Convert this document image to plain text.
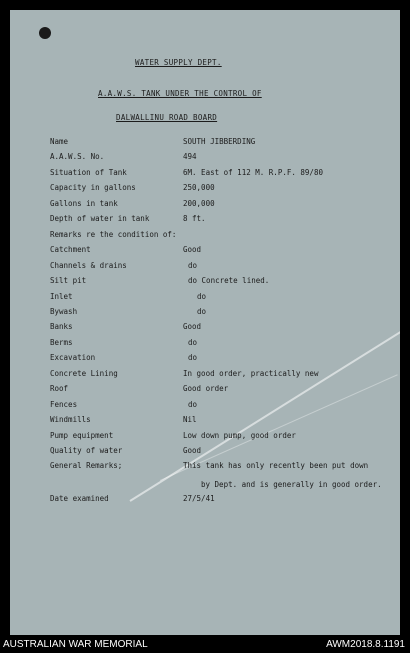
WATER SUPPLY DEPT.
A.A.W.S. TANK UNDER THE CONTROL OF
DALWALLINU ROAD BOARD
Name	SOUTH JIBBERDING
A.A.W.S. No.	494
Situation of Tank	6M. East of 112 M. R.P.F. 89/80
Capacity in gallons	250,000
Gallons in tank	200,000
Depth of water in tank	8 ft.
Remarks re the condition of:
Catchment	Good
Channels & drains	do
Silt pit	do Concrete lined.
Inlet	do
Bywash	do
Banks	Good
Berms	do
Excavation	do
Concrete Lining	In good order, practically new
Roof	Good order
Fences	do
Windmills	Nil
Pump equipment	Low down pump, good order
Quality of water	Good
General Remarks;	This tank has only recently been put down
by Dept. and is generally in good order.
Date examined	27/5/41
AUSTRALIAN WAR MEMORIAL	AWM2018.8.1191
